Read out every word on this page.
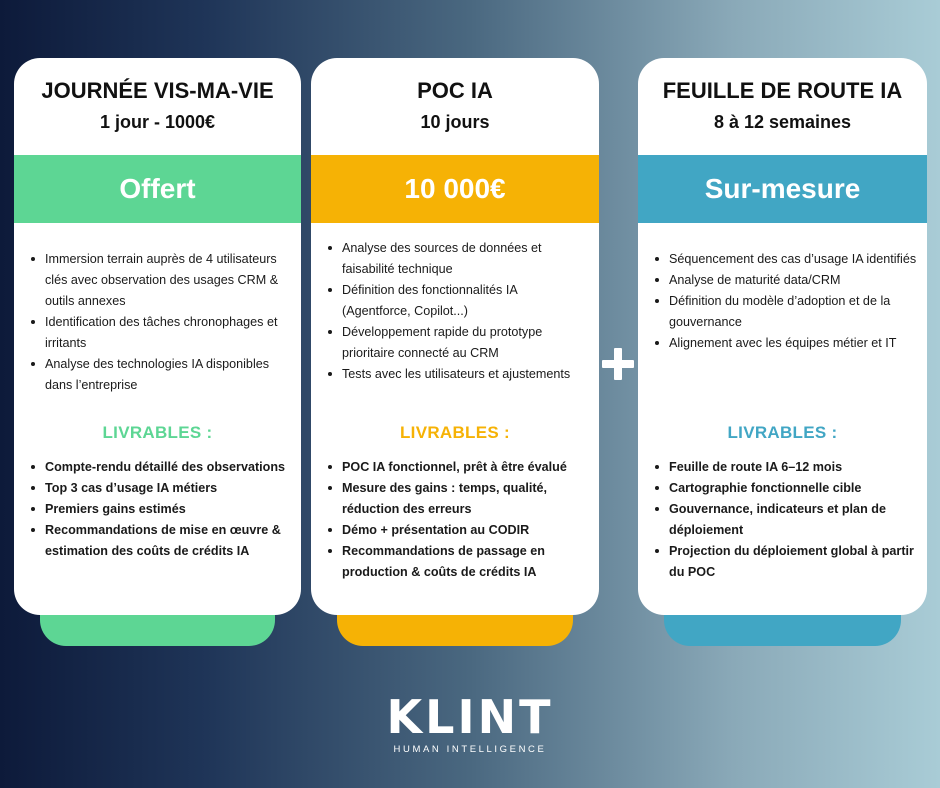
JOURNÉE VIS-MA-VIE
1 jour - 1000€
Offert
Immersion terrain auprès de 4 utilisateurs clés avec observation des usages CRM & outils annexes
Identification des tâches chronophages et irritants
Analyse des technologies IA disponibles dans l’entreprise
LIVRABLES :
Compte-rendu détaillé des observations
Top 3 cas d’usage IA métiers
Premiers gains estimés
Recommandations de mise en œuvre & estimation des coûts de crédits IA
POC IA
10 jours
10 000€
Analyse des sources de données et faisabilité technique
Définition des fonctionnalités IA (Agentforce, Copilot...)
Développement rapide du prototype prioritaire connecté au CRM
Tests avec les utilisateurs et ajustements
LIVRABLES :
POC IA fonctionnel, prêt à être évalué
Mesure des gains : temps, qualité, réduction des erreurs
Démo + présentation au CODIR
Recommandations de passage en production & coûts de crédits IA
FEUILLE DE ROUTE IA
8 à 12 semaines
Sur-mesure
Séquencement des cas d’usage IA identifiés
Analyse de maturité data/CRM
Définition du modèle d’adoption et de la gouvernance
Alignement avec les équipes métier et IT
LIVRABLES :
Feuille de route IA 6–12 mois
Cartographie fonctionnelle cible
Gouvernance, indicateurs et plan de déploiement
Projection du déploiement global à partir du POC
KLINT
HUMAN INTELLIGENCE
